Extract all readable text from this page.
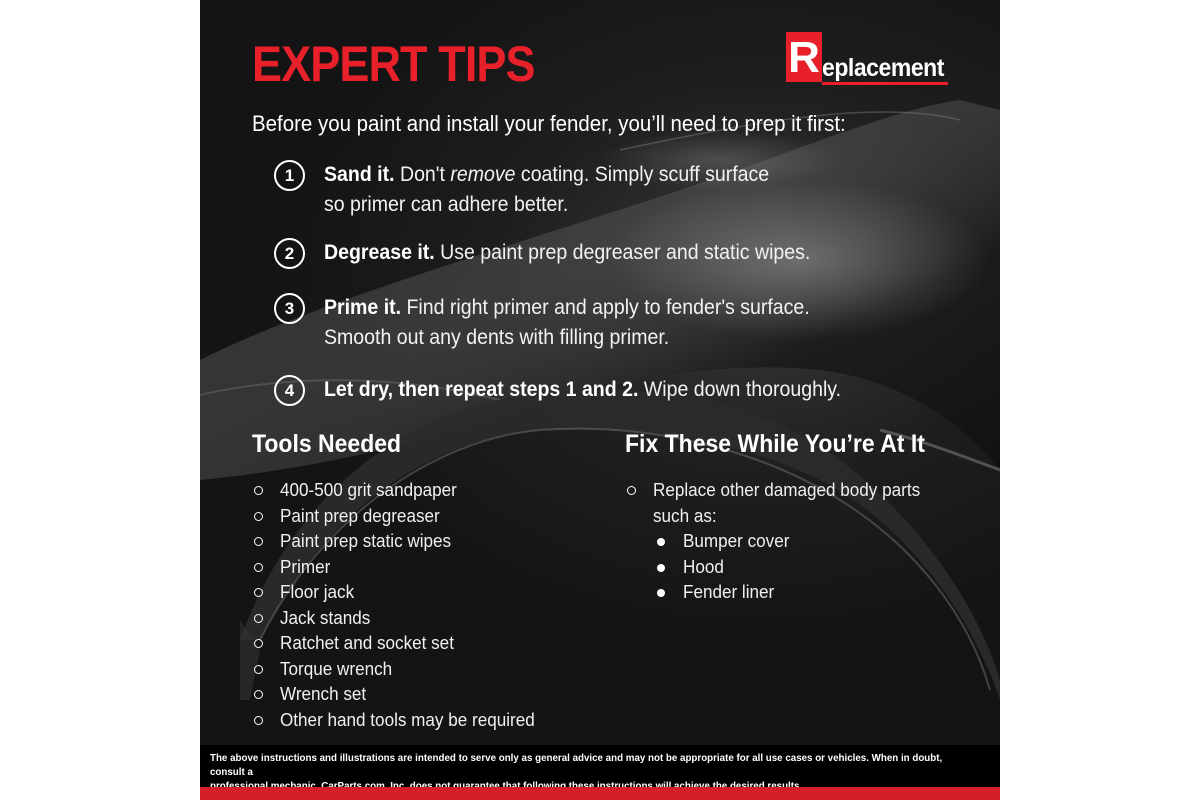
EXPERT TIPS	R eplacement
Before you paint and install your fender, you’ll need to prep it first:
1	Sand it. Don't remove coating. Simply scuff surface
so primer can adhere better.
2	Degrease it. Use paint prep degreaser and static wipes.
3	Prime it. Find right primer and apply to fender's surface.
Smooth out any dents with filling primer.
4	Let dry, then repeat steps 1 and 2. Wipe down thoroughly.
Tools Needed
400-500 grit sandpaper
Paint prep degreaser
Paint prep static wipes
Primer
Floor jack
Jack stands
Ratchet and socket set
Torque wrench
Wrench set
Other hand tools may be required
Fix These While You’re At It
Replace other damaged body parts
such as:
Bumper cover
Hood
Fender liner

The above instructions and illustrations are intended to serve only as general advice and may not be appropriate for all use cases or vehicles. When in doubt, consult a
